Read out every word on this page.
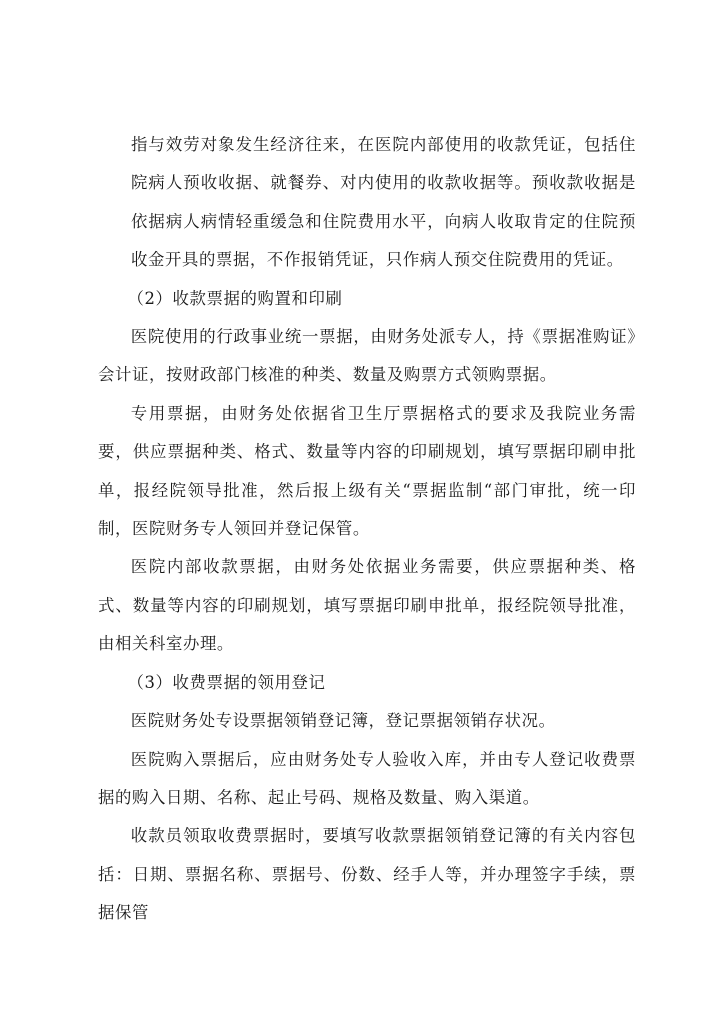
指与效劳对象发生经济往来，在医院内部使用的收款凭证，包括住院病人预收收据、就餐券、对内使用的收款收据等。预收款收据是依据病人病情轻重缓急和住院费用水平，向病人收取肯定的住院预收金开具的票据，不作报销凭证，只作病人预交住院费用的凭证。

（2）收款票据的购置和印刷

医院使用的行政事业统一票据，由财务处派专人，持《票据准购证》会计证，按财政部门核准的种类、数量及购票方式领购票据。

专用票据，由财务处依据省卫生厅票据格式的要求及我院业务需要，供应票据种类、格式、数量等内容的印刷规划，填写票据印刷申批单，报经院领导批准，然后报上级有关“票据监制“部门审批，统一印制，医院财务专人领回并登记保管。

医院内部收款票据，由财务处依据业务需要，供应票据种类、格式、数量等内容的印刷规划，填写票据印刷申批单，报经院领导批准，由相关科室办理。

（3）收费票据的领用登记

医院财务处专设票据领销登记簿，登记票据领销存状况。

医院购入票据后，应由财务处专人验收入库，并由专人登记收费票据的购入日期、名称、起止号码、规格及数量、购入渠道。

收款员领取收费票据时，要填写收款票据领销登记簿的有关内容包括：日期、票据名称、票据号、份数、经手人等，并办理签字手续，票据保管
